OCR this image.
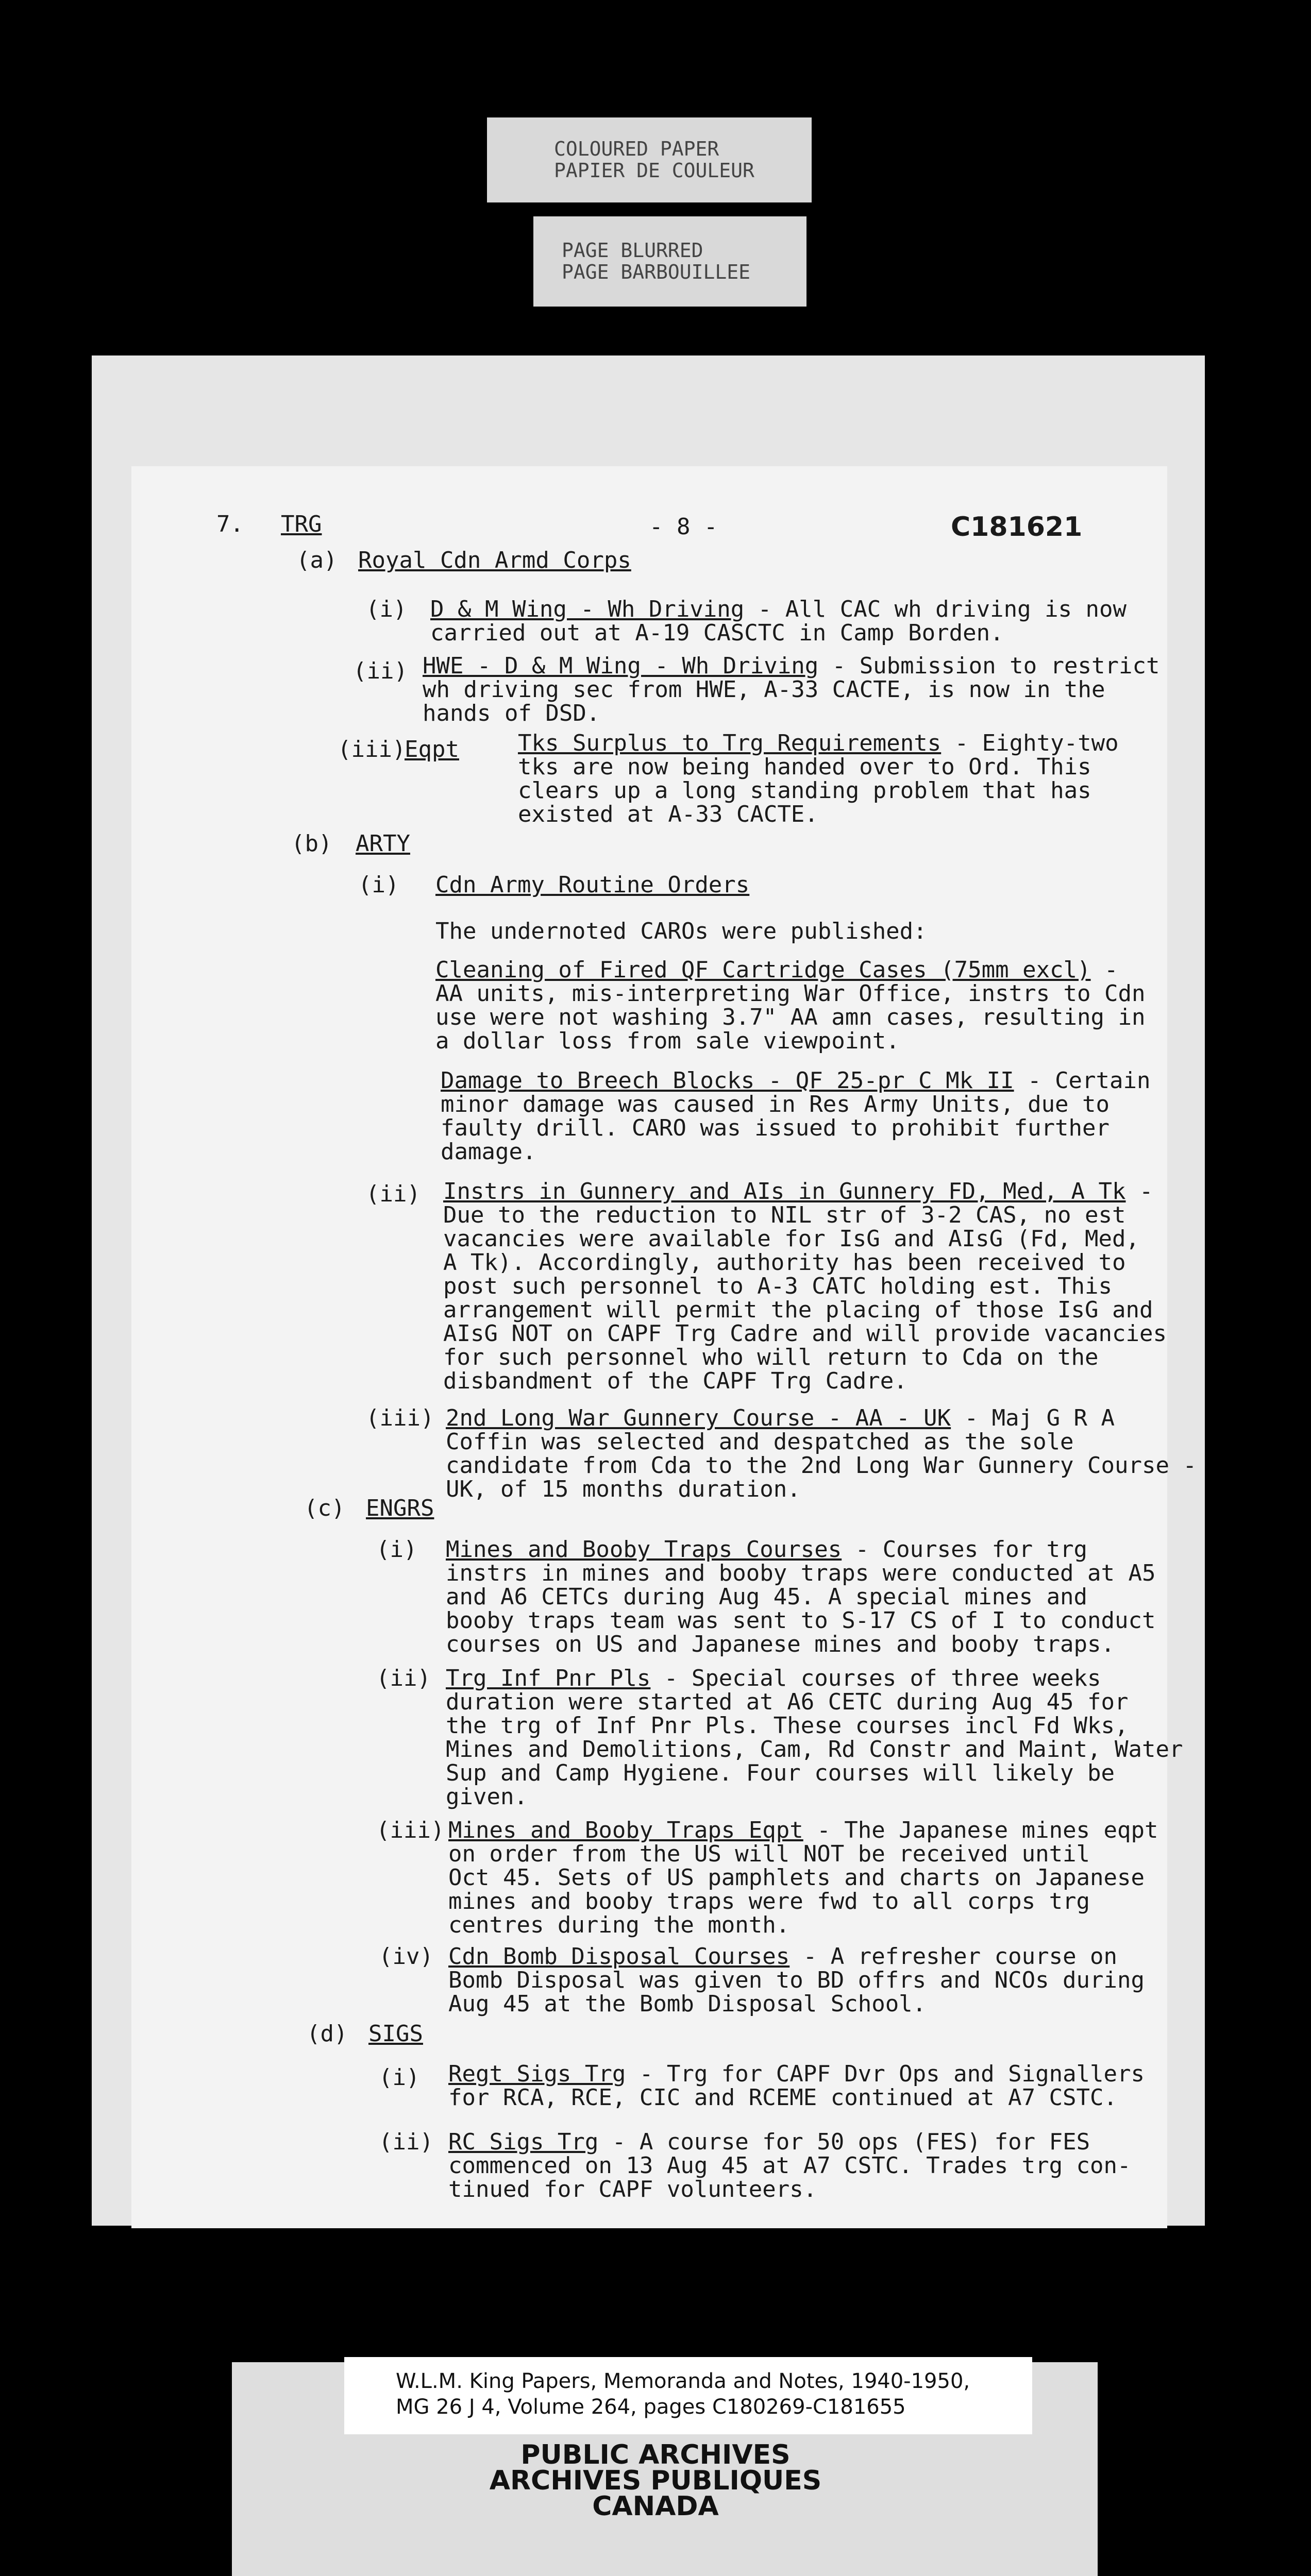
COLOURED PAPER
PAPIER DE COULEUR
PAGE BLURRED
PAGE BARBOUILLEE
7. TRG	- 8 -	C181621
(a) Royal Cdn Armd Corps
(i) D & M Wing - Wh Driving - All CAC wh driving is now
carried out at A-19 CASCTC in Camp Borden.
(ii) HWE - D & M Wing - Wh Driving - Submission to restrict
wh driving sec from HWE, A-33 CACTE, is now in the
hands of DSD.
(iii)
Eqpt	Tks Surplus to Trg Requirements - Eighty-two
tks are now being handed over to Ord. This
clears up a long standing problem that has
existed at A-33 CACTE.
(b) ARTY
(i) Cdn Army Routine Orders
The undernoted CAROs were published:
Cleaning of Fired QF Cartridge Cases (75mm excl) -
AA units, mis-interpreting War Office, instrs to Cdn
use were not washing 3.7" AA amn cases, resulting in
a dollar loss from sale viewpoint.
Damage to Breech Blocks - QF 25-pr C Mk II - Certain
minor damage was caused in Res Army Units, due to
faulty drill. CARO was issued to prohibit further
damage.
(ii) Instrs in Gunnery and AIs in Gunnery FD, Med, A Tk -
Due to the reduction to NIL str of 3-2 CAS, no est
vacancies were available for IsG and AIsG (Fd, Med,
A Tk). Accordingly, authority has been received to
post such personnel to A-3 CATC holding est. This
arrangement will permit the placing of those IsG and
AIsG NOT on CAPF Trg Cadre and will provide vacancies
for such personnel who will return to Cda on the
disbandment of the CAPF Trg Cadre.
(iii) 2nd Long War Gunnery Course - AA - UK - Maj G R A
Coffin was selected and despatched as the sole
candidate from Cda to the 2nd Long War Gunnery Course -
UK, of 15 months duration.
(c) ENGRS
(i) Mines and Booby Traps Courses - Courses for trg
instrs in mines and booby traps were conducted at A5
and A6 CETCs during Aug 45. A special mines and
booby traps team was sent to S-17 CS of I to conduct
courses on US and Japanese mines and booby traps.
(ii) Trg Inf Pnr Pls - Special courses of three weeks
duration were started at A6 CETC during Aug 45 for
the trg of Inf Pnr Pls. These courses incl Fd Wks,
Mines and Demolitions, Cam, Rd Constr and Maint, Water
Sup and Camp Hygiene. Four courses will likely be
given.
(iii) Mines and Booby Traps Eqpt - The Japanese mines eqpt
on order from the US will NOT be received until
Oct 45. Sets of US pamphlets and charts on Japanese
mines and booby traps were fwd to all corps trg
centres during the month.
(iv) Cdn Bomb Disposal Courses - A refresher course on
Bomb Disposal was given to BD offrs and NCOs during
Aug 45 at the Bomb Disposal School.
(d) SIGS
(i) Regt Sigs Trg - Trg for CAPF Dvr Ops and Signallers
for RCA, RCE, CIC and RCEME continued at A7 CSTC.
(ii) RC Sigs Trg - A course for 50 ops (FES) for FES
commenced on 13 Aug 45 at A7 CSTC. Trades trg con-
tinued for CAPF volunteers.
W.L.M. King Papers, Memoranda and Notes, 1940-1950,
MG 26 J 4, Volume 264, pages C180269-C181655
PUBLIC ARCHIVES
ARCHIVES PUBLIQUES
CANADA
